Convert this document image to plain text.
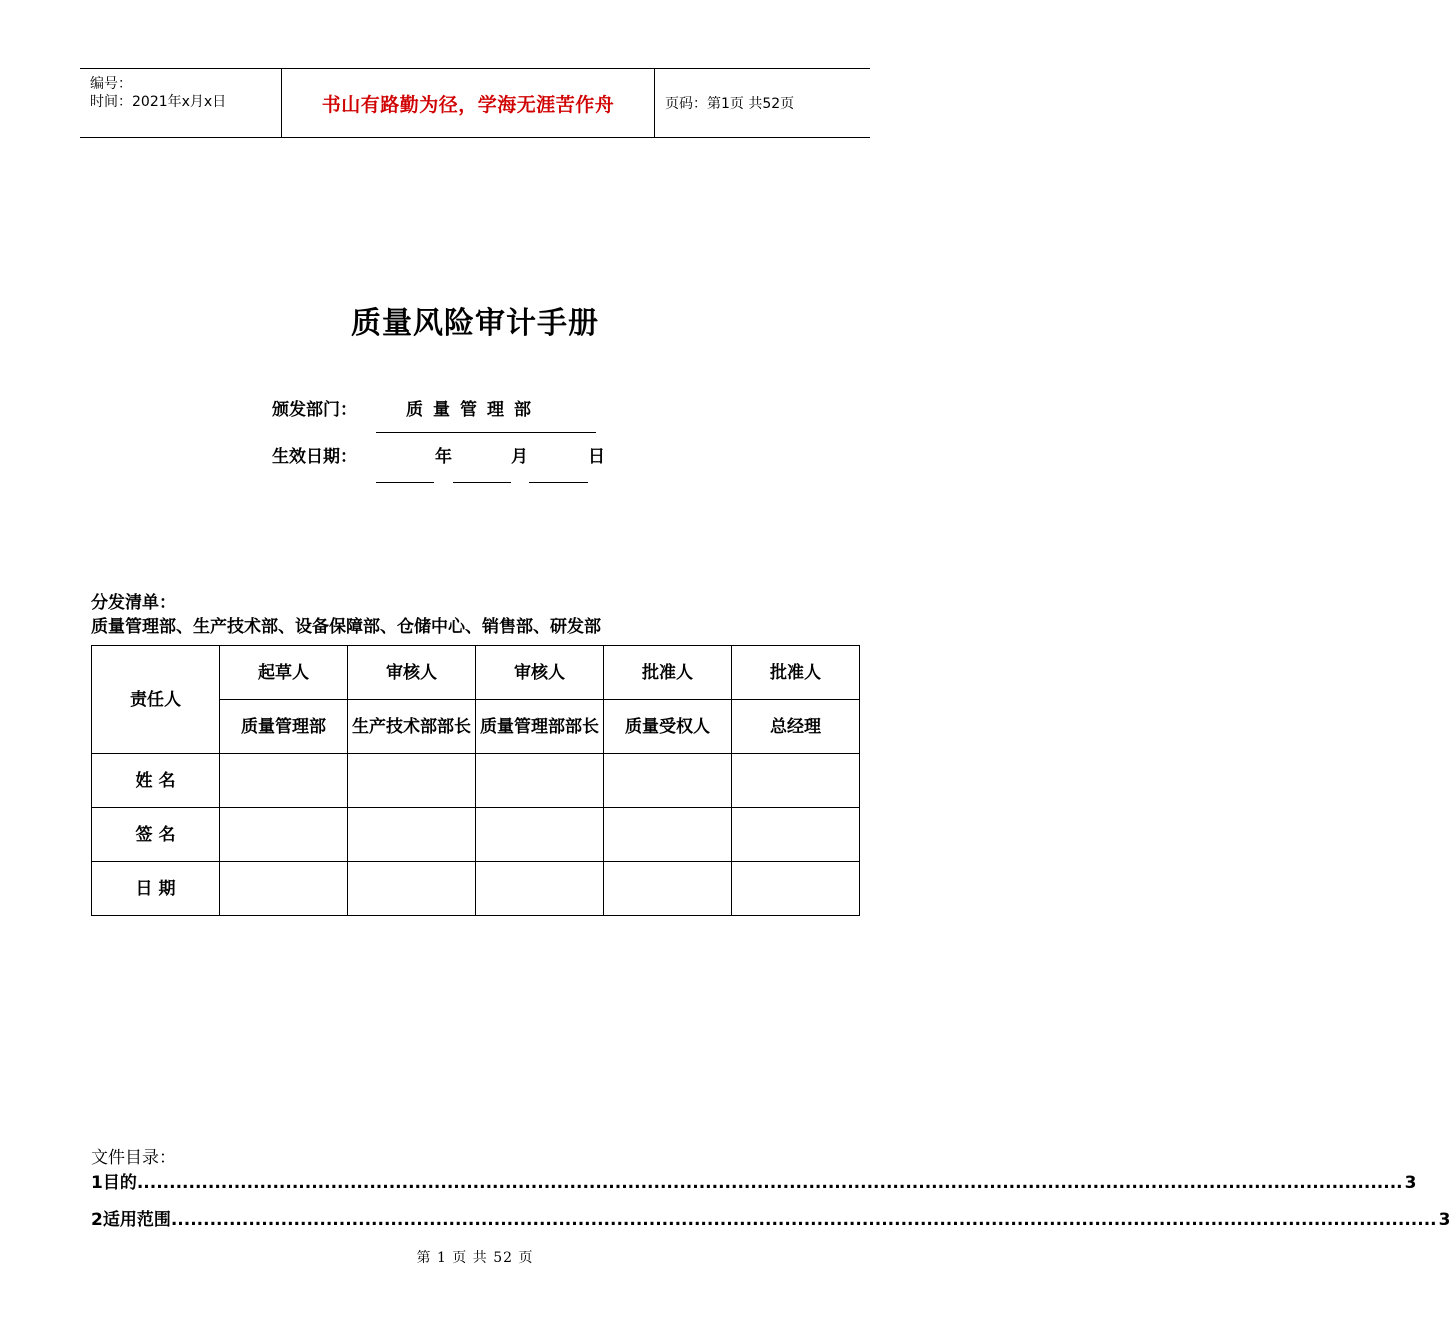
编号：
时间：2021年x月x日	书山有路勤为径，学海无涯苦作舟	页码：第1页 共52页
质量风险审计手册
颁发部门：	质量管理部
生效日期：	年	月	日
分发清单：
质量管理部、生产技术部、设备保障部、仓储中心、销售部、研发部
责任人	起草人	审核人	审核人	批准人	批准人
	质量管理部	生产技术部部长	质量管理部部长	质量受权人	总经理
姓 名					
签 名					
日 期					
文件目录：
1 目的 .................................................................................................................................................................................................... 3
2 适用范围 .................................................................................................................................................................................................... 3
第 1 页 共 52 页
